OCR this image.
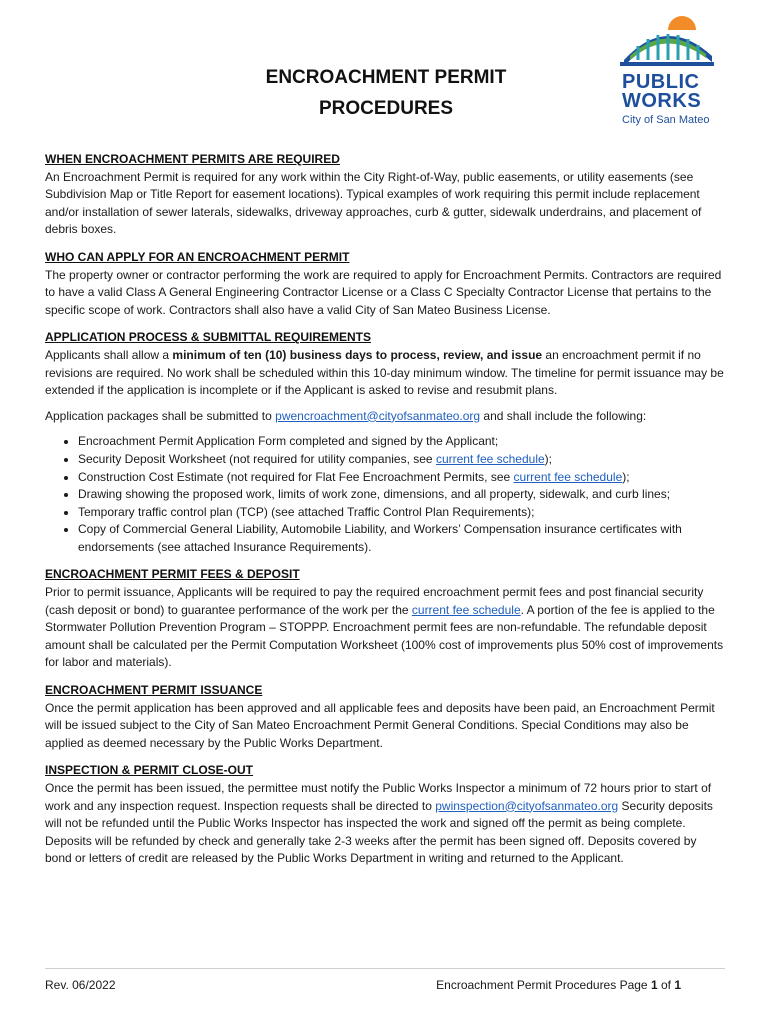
ENCROACHMENT PERMIT
PROCEDURES
PUBLIC
WORKS
City of San Mateo
WHEN ENCROACHMENT PERMITS ARE REQUIRED

An Encroachment Permit is required for any work within the City Right-of-Way, public easements, or utility easements (see Subdivision Map or Title Report for easement locations). Typical examples of work requiring this permit include replacement and/or installation of sewer laterals, sidewalks, driveway approaches, curb & gutter, sidewalk underdrains, and placement of debris boxes.

WHO CAN APPLY FOR AN ENCROACHMENT PERMIT

The property owner or contractor performing the work are required to apply for Encroachment Permits. Contractors are required to have a valid Class A General Engineering Contractor License or a Class C Specialty Contractor License that pertains to the specific scope of work. Contractors shall also have a valid City of San Mateo Business License.

APPLICATION PROCESS & SUBMITTAL REQUIREMENTS

Applicants shall allow a minimum of ten (10) business days to process, review, and issue an encroachment permit if no revisions are required. No work shall be scheduled within this 10-day minimum window. The timeline for permit issuance may be extended if the application is incomplete or if the Applicant is asked to revise and resubmit plans.

Application packages shall be submitted to pwencroachment@cityofsanmateo.org and shall include the following:

• Encroachment Permit Application Form completed and signed by the Applicant;
• Security Deposit Worksheet (not required for utility companies, see current fee schedule);
• Construction Cost Estimate (not required for Flat Fee Encroachment Permits, see current fee schedule);
• Drawing showing the proposed work, limits of work zone, dimensions, and all property, sidewalk, and curb lines;
• Temporary traffic control plan (TCP) (see attached Traffic Control Plan Requirements);
• Copy of Commercial General Liability, Automobile Liability, and Workers’ Compensation insurance certificates with endorsements (see attached Insurance Requirements).
ENCROACHMENT PERMIT FEES & DEPOSIT

Prior to permit issuance, Applicants will be required to pay the required encroachment permit fees and post financial security (cash deposit or bond) to guarantee performance of the work per the current fee schedule. A portion of the fee is applied to the Stormwater Pollution Prevention Program – STOPPP. Encroachment permit fees are non-refundable. The refundable deposit amount shall be calculated per the Permit Computation Worksheet (100% cost of improvements plus 50% cost of improvements for labor and materials).

ENCROACHMENT PERMIT ISSUANCE

Once the permit application has been approved and all applicable fees and deposits have been paid, an Encroachment Permit will be issued subject to the City of San Mateo Encroachment Permit General Conditions. Special Conditions may also be applied as deemed necessary by the Public Works Department.

INSPECTION & PERMIT CLOSE-OUT

Once the permit has been issued, the permittee must notify the Public Works Inspector a minimum of 72 hours prior to start of work and any inspection request. Inspection requests shall be directed to pwinspection@cityofsanmateo.org Security deposits will not be refunded until the Public Works Inspector has inspected the work and signed off the permit as being complete. Deposits will be refunded by check and generally take 2-3 weeks after the permit has been signed off. Deposits covered by bond or letters of credit are released by the Public Works Department in writing and returned to the Applicant.

Rev. 06/2022	Encroachment Permit Procedures Page 1 of 1
